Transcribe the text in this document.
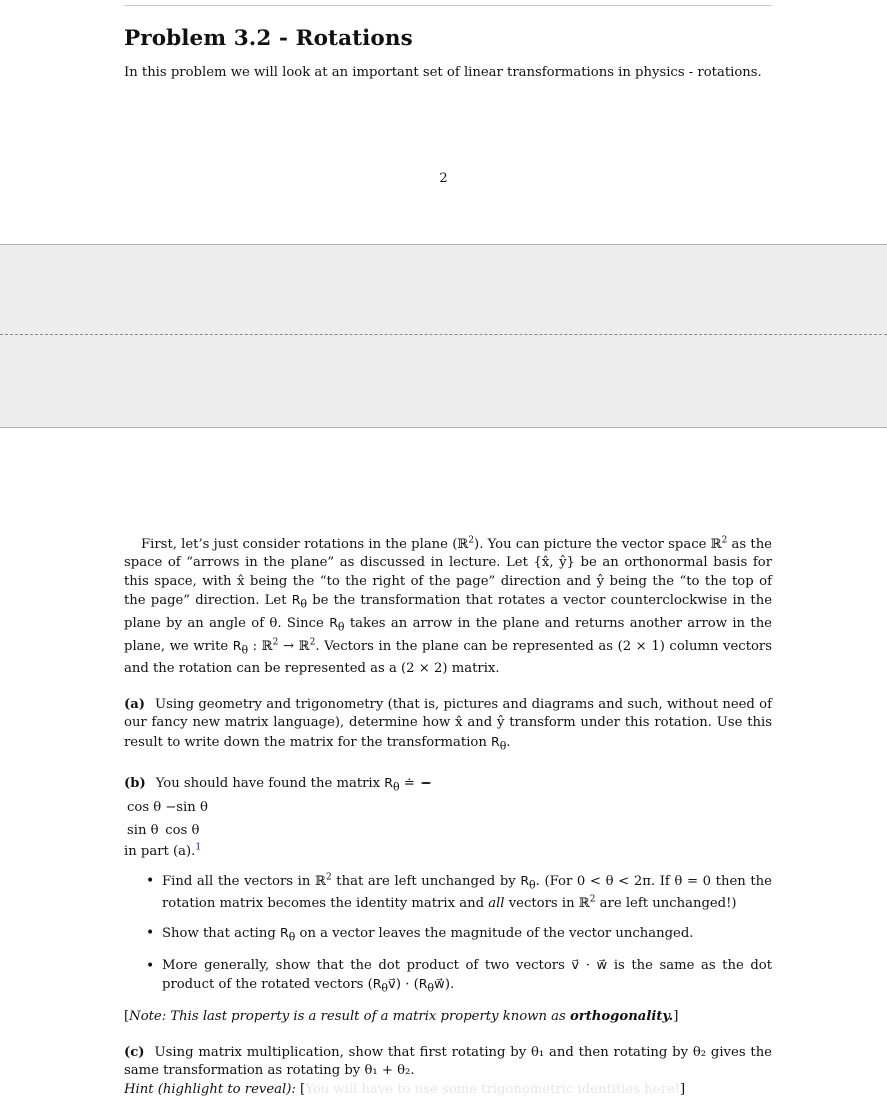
Problem 3.2 - Rotations

In this problem we will look at an important set of linear transformations in physics - rotations.

2

First, let’s just consider rotations in the plane (ℝ$^2$). You can picture the vector space ℝ$^2$ as the space of “arrows in the plane” as discussed in lecture. Let {x̂, ŷ} be an orthonormal basis for this space, with x̂ being the “to the right of the page” direction and ŷ being the “to the top of the page” direction. Let $R_\theta$ be the transformation that rotates a vector counterclockwise in the plane by an angle of θ. Since $R_\theta$ takes an arrow in the plane and returns another arrow in the plane, we write $R_\theta$ : ℝ$^2$ → ℝ$^2$. Vectors in the plane can be represented as (2 × 1) column vectors and the rotation can be represented as a (2 × 2) matrix.

(a) Using geometry and trigonometry (that is, pictures and diagrams and such, without need of our fancy new matrix language), determine how x̂ and ŷ transform under this rotation. Use this result to write down the matrix for the transformation $R_\theta$.

(b) You should have found the matrix $R_\theta$ ≐

cos θ	−sin θ
sin θ	cos θ
in part (a).$^1$

• Find all the vectors in ℝ$^2$ that are left unchanged by $R_\theta$. (For 0 < θ < 2π. If θ = 0 then the rotation matrix becomes the identity matrix and all vectors in ℝ$^2$ are left unchanged!)
• Show that acting $R_\theta$ on a vector leaves the magnitude of the vector unchanged.
• More generally, show that the dot product of two vectors v⃗ · w⃗ is the same as the dot product of the rotated vectors $(R_\theta v⃗)$ · $(R_\theta w⃗)$.

[Note: This last property is a result of a matrix property known as orthogonality.]

(c) Using matrix multiplication, show that first rotating by θ₁ and then rotating by θ₂ gives the same transformation as rotating by θ₁ + θ₂.
Hint (highlight to reveal): [You will have to use some trigonometric identities here!]
